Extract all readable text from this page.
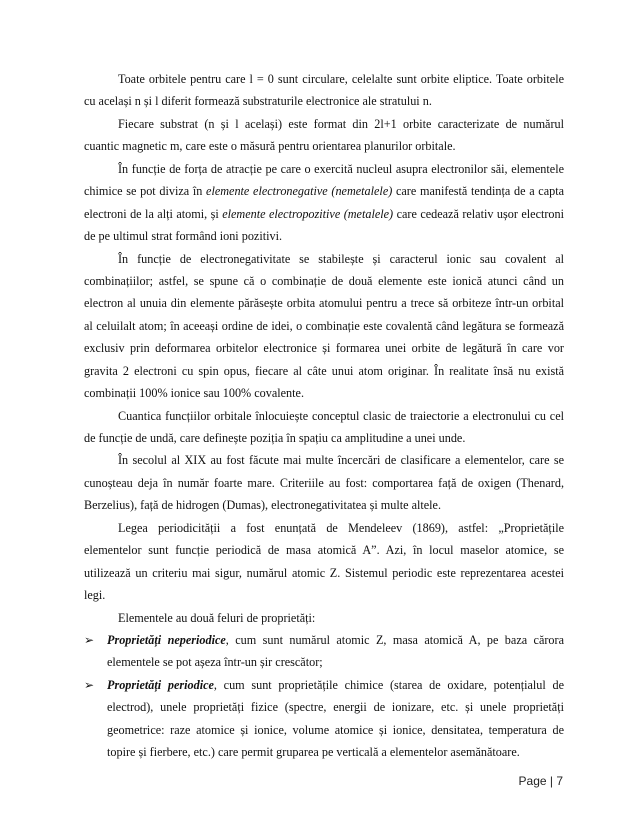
Toate orbitele pentru care l = 0 sunt circulare, celelalte sunt orbite eliptice. Toate orbitele
cu același n și l diferit formează substraturile electronice ale stratului n.
Fiecare substrat (n și l același) este format din 2l+1 orbite caracterizate de numărul
cuantic magnetic m, care este o măsură pentru orientarea planurilor orbitale.
În funcție de forța de atracție pe care o exercită nucleul asupra electronilor săi, elementele
chimice se pot diviza în elemente electronegative (nemetalele) care manifestă tendința de a capta
electroni de la alți atomi, și elemente electropozitive (metalele) care cedează relativ ușor electroni
de pe ultimul strat formând ioni pozitivi.
În funcție de electronegativitate se stabilește și caracterul ionic sau covalent al
combinațiilor; astfel, se spune că o combinație de două elemente este ionică atunci când un
electron al unuia din elemente părăsește orbita atomului pentru a trece să orbiteze într-un orbital
al celuilalt atom; în aceeași ordine de idei, o combinație este covalentă când legătura se formează
exclusiv prin deformarea orbitelor electronice și formarea unei orbite de legătură în care vor
gravita 2 electroni cu spin opus, fiecare al câte unui atom originar. În realitate însă nu există
combinații 100% ionice sau 100% covalente.
Cuantica funcțiilor orbitale înlocuiește conceptul clasic de traiectorie a electronului cu cel
de funcție de undă, care definește poziția în spațiu ca amplitudine a unei unde.
În secolul al XIX au fost făcute mai multe încercări de clasificare a elementelor, care se
cunoșteau deja în număr foarte mare. Criteriile au fost: comportarea față de oxigen (Thenard,
Berzelius), față de hidrogen (Dumas), electronegativitatea și multe altele.
Legea periodicității a fost enunțată de Mendeleev (1869), astfel: „Proprietățile
elementelor sunt funcție periodică de masa atomică A”. Azi, în locul maselor atomice, se
utilizează un criteriu mai sigur, numărul atomic Z. Sistemul periodic este reprezentarea acestei
legi.
Elementele au două feluri de proprietăți:
➢	Proprietăți neperiodice, cum sunt numărul atomic Z, masa atomică A, pe baza cărora
elementele se pot așeza într-un șir crescător;
➢	Proprietăți periodice, cum sunt proprietățile chimice (starea de oxidare, potențialul de
electrod), unele proprietăți fizice (spectre, energii de ionizare, etc. și unele proprietăți
geometrice: raze atomice și ionice, volume atomice și ionice, densitatea, temperatura de
topire și fierbere, etc.) care permit gruparea pe verticală a elementelor asemănătoare.
Page | 7
